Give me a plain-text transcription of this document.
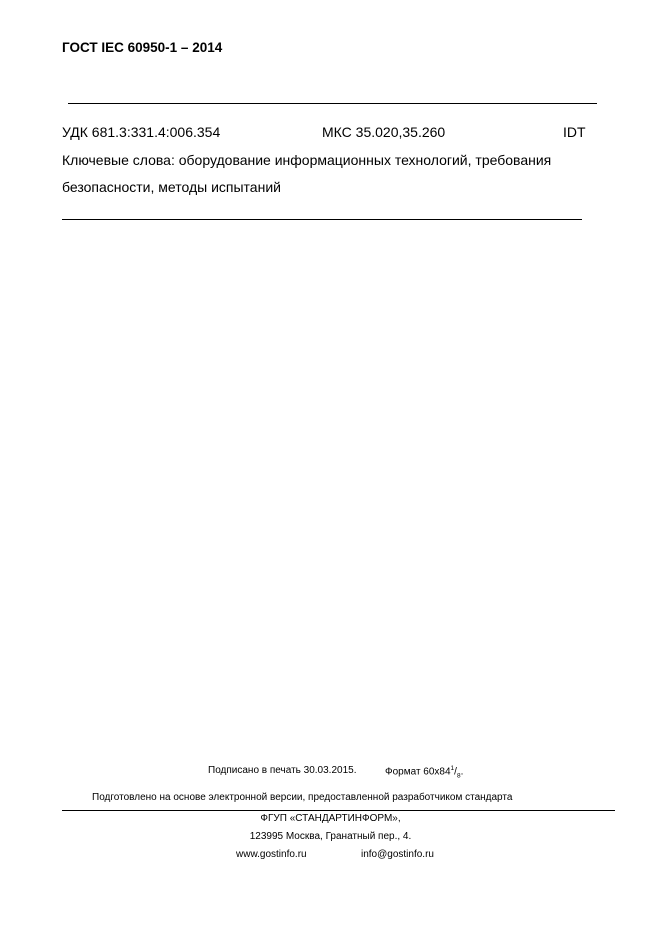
ГОСТ IEC 60950-1 – 2014
УДК 681.3:331.4:006.354	МКС 35.020,35.260	IDT
Ключевые слова: оборудование информационных технологий, требования
безопасности, методы испытаний
Подписано в печать 30.03.2015.	Формат $60х84^1/_8$.
Подготовлено на основе электронной версии, предоставленной разработчиком стандарта
ФГУП «СТАНДАРТИНФОРМ»,
123995 Москва, Гранатный пер., 4.
www.gostinfo.ru	info@gostinfo.ru
